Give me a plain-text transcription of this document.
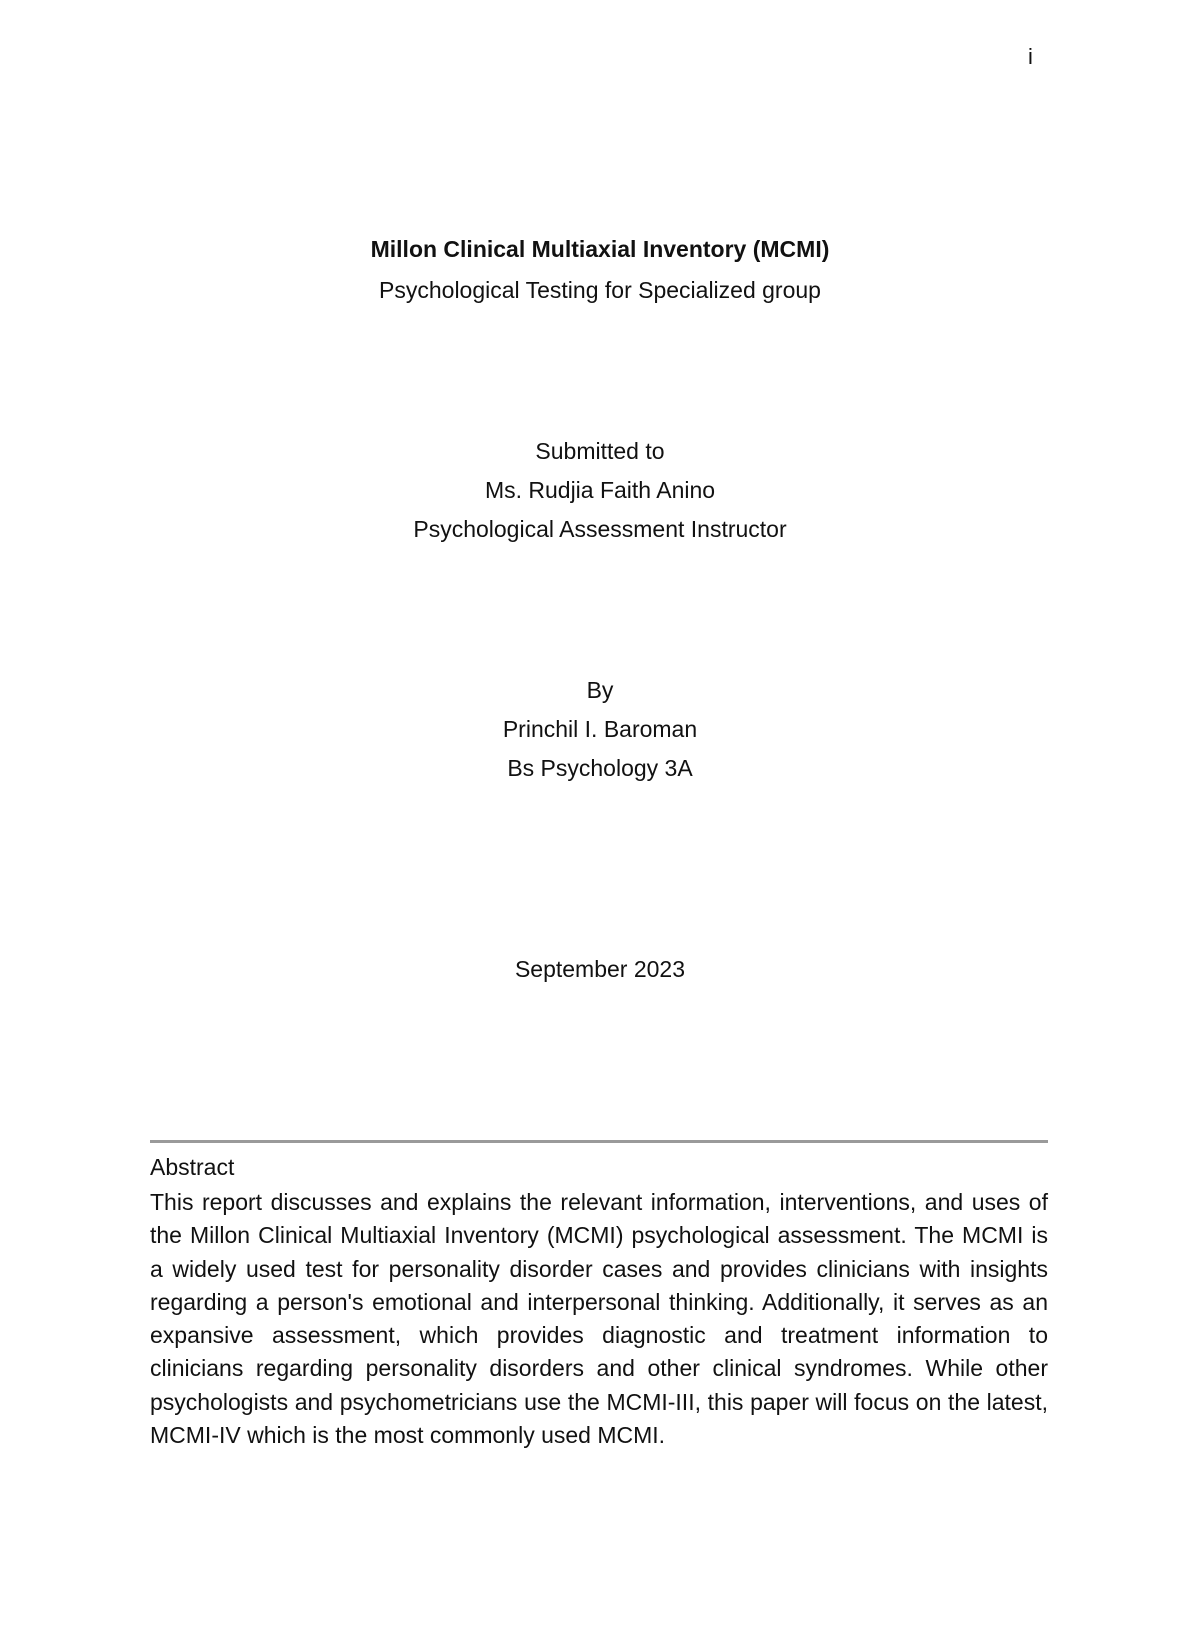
i
Millon Clinical Multiaxial Inventory (MCMI)
Psychological Testing for Specialized group
Submitted to
Ms. Rudjia Faith Anino
Psychological Assessment Instructor
By
Princhil I. Baroman
Bs Psychology 3A
September 2023
Abstract
This report discusses and explains the relevant information, interventions, and uses of the Millon Clinical Multiaxial Inventory (MCMI) psychological assessment. The MCMI is a widely used test for personality disorder cases and provides clinicians with insights regarding a person's emotional and interpersonal thinking. Additionally, it serves as an expansive assessment, which provides diagnostic and treatment information to clinicians regarding personality disorders and other clinical syndromes. While other psychologists and psychometricians use the MCMI-III, this paper will focus on the latest, MCMI-IV which is the most commonly used MCMI.
